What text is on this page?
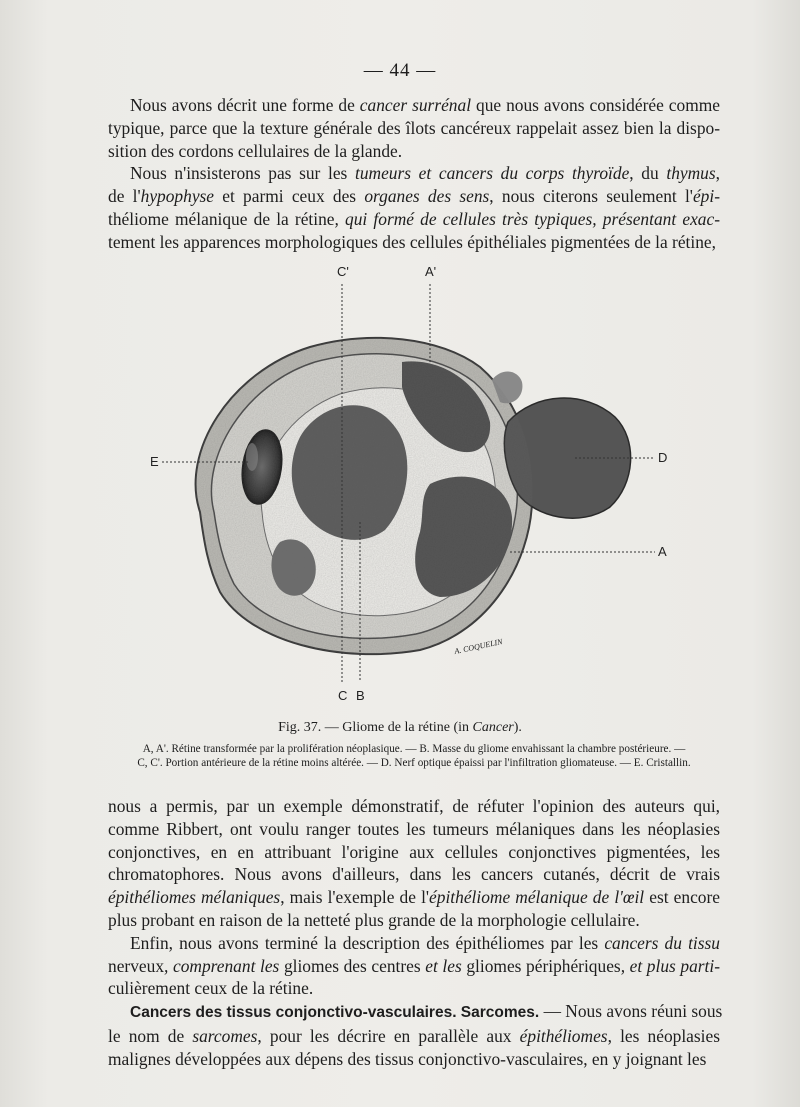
— 44 —
Nous avons décrit une forme de cancer surrénal que nous avons considérée comme
typique, parce que la texture générale des îlots cancéreux rappelait assez bien la dispo-
sition des cordons cellulaires de la glande.
Nous n'insisterons pas sur les tumeurs et cancers du corps thyroïde, du thymus,
de l'hypophyse et parmi ceux des organes des sens, nous citerons seulement l'épi-
théliome mélanique de la rétine, qui formé de cellules très typiques, présentant exac-
tement les apparences morphologiques des cellules épithéliales pigmentées de la rétine,
C'	A'
E	D
A
C B
A. COQUELIN
Fig. 37. — Gliome de la rétine (in Cancer).
A, A'. Rétine transformée par la prolifération néoplasique. — B. Masse du gliome envahissant la chambre postérieure. —
C, C'. Portion antérieure de la rétine moins altérée. — D. Nerf optique épaissi par l'infiltration gliomateuse. — E. Cristallin.
nous a permis, par un exemple démonstratif, de réfuter l'opinion des auteurs qui,
comme Ribbert, ont voulu ranger toutes les tumeurs mélaniques dans les néoplasies
conjonctives, en en attribuant l'origine aux cellules conjonctives pigmentées, les
chromatophores. Nous avons d'ailleurs, dans les cancers cutanés, décrit de vrais
épithéliomes mélaniques, mais l'exemple de l'épithéliome mélanique de l'œil est encore
plus probant en raison de la netteté plus grande de la morphologie cellulaire.
Enfin, nous avons terminé la description des épithéliomes par les cancers du tissu
nerveux, comprenant les gliomes des centres et les gliomes périphériques, et plus parti-
culièrement ceux de la rétine.
Cancers des tissus conjonctivo-vasculaires. Sarcomes. — Nous avons réuni sous
le nom de sarcomes, pour les décrire en parallèle aux épithéliomes, les néoplasies
malignes développées aux dépens des tissus conjonctivo-vasculaires, en y joignant les
